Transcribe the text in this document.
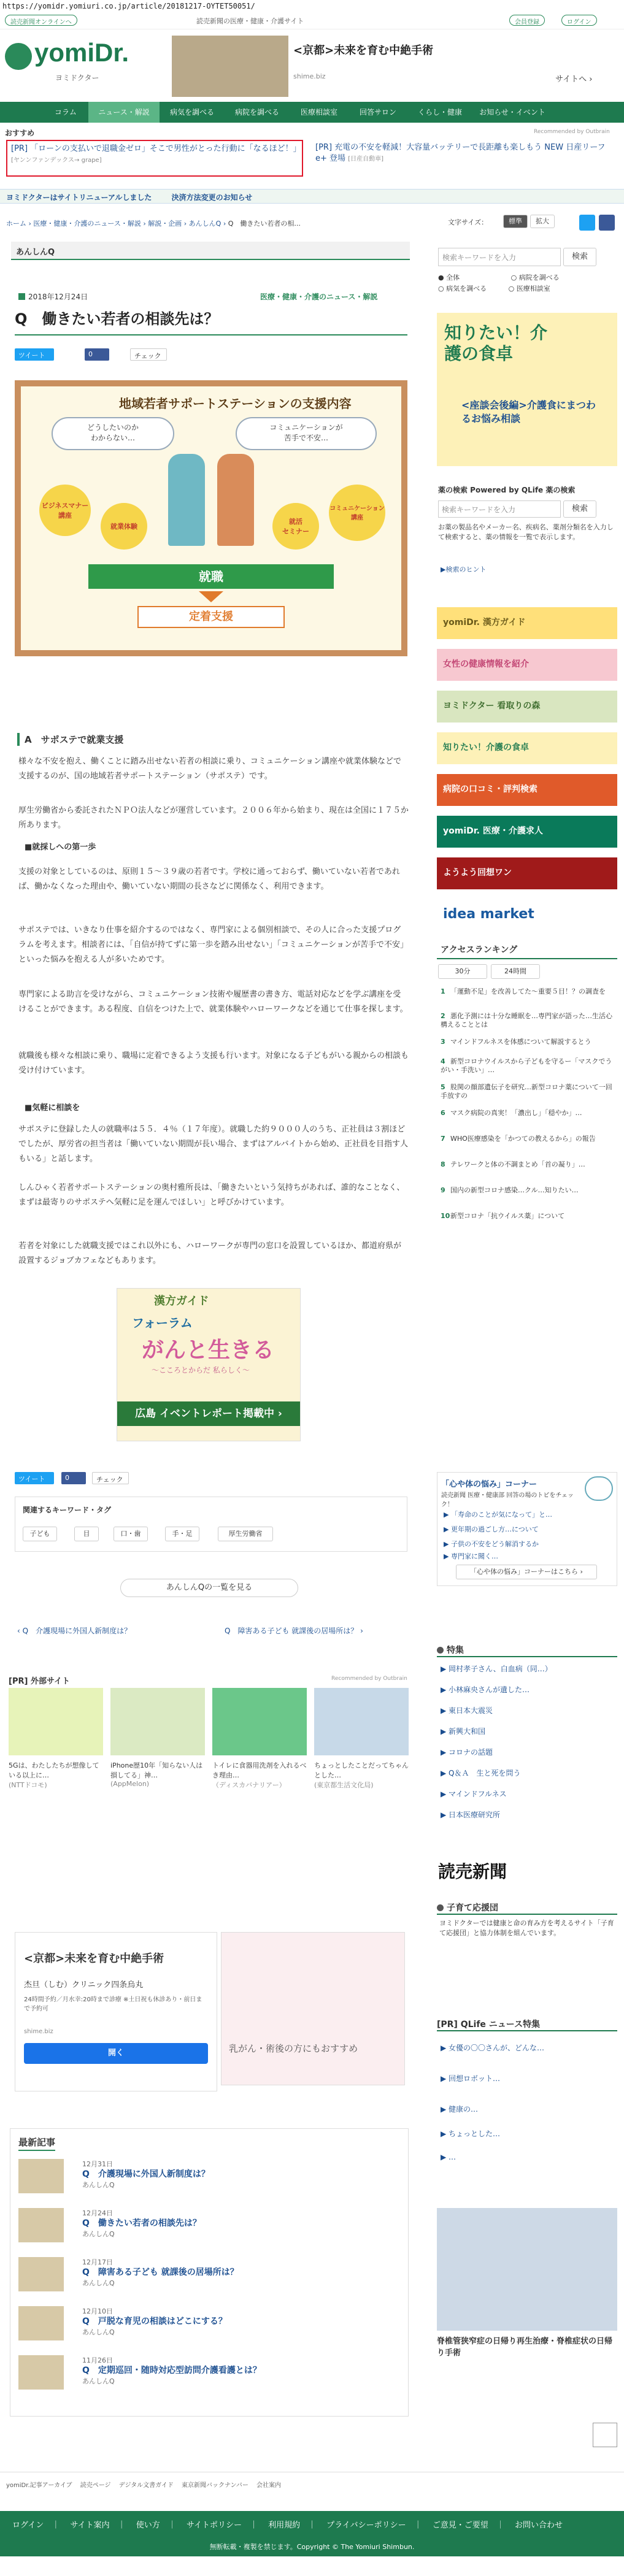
https://yomidr.yomiuri.co.jp/article/20181217-OYTET50051/
読売新聞オンラインへ	読売新聞の医療・健康・介護サイト	会員登録	ログイン
yomiDr.
ヨミドクター
<京都>未来を育む中絶手術
shime.biz	サイトへ ›
コラム	ニュース・解説	病気を調べる	病院を調べる	医療相談室	回答サロン	くらし・健康	お知らせ・イベント
おすすめ	Recommended by Outbrain
[PR] 「ローンの支払いで退職金ゼロ」そこで男性がとった行動に「なるほど！」
[ヤンンファンデックス→ grape]
[PR] 充電の不安を軽減！大容量バッテリーで長距離も楽しもう NEW 日産リーフ e+ 登場 [日産自動車]
ヨミドクターはサイトリニューアルしました	決済方法変更のお知らせ
ホーム › 医療・健康・介護のニュース・解説 › 解説・企画 › あんしんQ › Q　働きたい若者の相...	文字サイズ：	標準	拡大
あんしんQ
2018年12月24日	医療・健康・介護のニュース・解説
Q　働きたい若者の相談先は？
ツイート	0	チェック
地域若者サポートステーションの支援内容
どうしたいのか
わからない…
コミュニケーションが
苦手で不安…
ビジネスマナー
講座
就業体験
就活
セミナー
コミュニケーション
講座
就職
定着支援
A　サポステで就業支援
様々な不安を抱え、働くことに踏み出せない若者の相談に乗り、コミュニケーション講座や就業体験などで支援するのが、国の地域若者サポートステーション（サポステ）です。
厚生労働省から委託されたＮＰＯ法人などが運営しています。２００６年から始まり、現在は全国に１７５か所あります。
■就採しへの第一歩
支援の対象としているのは、原則１５～３９歳の若者です。学校に通っておらず、働いていない若者であれば、働かなくなった理由や、働いていない期間の長さなどに関係なく、利用できます。
サポステでは、いきなり仕事を紹介するのではなく、専門家による個別相談で、その人に合った支援プログラムを考えます。相談者には、「自信が持てずに第一歩を踏み出せない」「コミュニケーションが苦手で不安」といった悩みを抱える人が多いためです。
専門家による助言を受けながら、コミュニケーション技術や履歴書の書き方、電話対応などを学ぶ講座を受けることができます。ある程度、自信をつけた上で、就業体験やハローワークなどを通じて仕事を探します。
就職後も様々な相談に乗り、職場に定着できるよう支援も行います。対象になる子どもがいる親からの相談も受け付けています。
■気軽に相談を
サポステに登録した人の就職率は５５．４％（１７年度）。就職した約９０００人のうち、正社員は３割ほどでしたが、厚労省の担当者は「働いていない期間が長い場合、まずはアルバイトから始め、正社員を目指す人もいる」と話します。
しんひゃく若者サポートステーションの奥村雅所長は、「働きたいという気持ちがあれば、誰的なことなく、まずは最寄りのサポステへ気軽に足を運んでほしい」と呼びかけています。
若者を対象にした就職支援ではこれ以外にも、ハローワークが専門の窓口を設置しているほか、都道府県が設置するジョブカフェなどもあります。
漢方ガイド
フォーラム
がんと生きる
〜こころとからだ 私らしく〜
広島 イベントレポート掲載中 ›
ツイート	0	チェック
関連するキーワード・タグ
子ども	目	口・歯	手・足	厚生労働省
あんしんQの一覧を見る
‹ Q　介護現場に外国人新制度は？	Q　障害ある子ども 就課後の居場所は？ ›
[PR] 外部サイト	Recommended by Outbrain
5Gは、わたしたちが想像している以上に…
(NTTドコモ)
iPhone歴10年「知らない人は損してる」神…
(AppMelon)
トイレに食器用洗剤を入れるべき理由…
（ディスカバナリアー）
ちょっとしたことだってちゃんとした…
(東京都生活文化局)
<京都>未来を育む中絶手術
杰旦（しむ）クリニック四条烏丸
24時間予約／月水幸:20時まで診療 ※土日祝も休診あり・前日まで予約可
shime.biz
開く	乳がん・術後の方にもおすすめ
最新記事
12月31日
Q　介護現場に外国人新制度は？
あんしんQ
12月24日
Q　働きたい若者の相談先は？
あんしんQ
12月17日
Q　障害ある子ども 就課後の居場所は？
あんしんQ
12月10日
Q　戸脱な育児の相談はどこにする？
あんしんQ
11月26日
Q　定期巡回・随時対応型訪問介護看護とは？
あんしんQ
検索キーワードを入力	検索
● 全体	○ 病院を調べる
○ 病気を調べる	○ 医療相談室
知りたい！介護の食卓
<座談会後編>介護食にまつわるお悩み相談
薬の検索 Powered by QLife 薬の検索
検索キーワードを入力	検索
お薬の製品名やメーカー名、疾病名、薬剤分類名を入力して検索すると、薬の情報を一覧で表示します。
▶検索のヒント
yomiDr. 漢方ガイド
女性の健康情報を紹介
ヨミドクター 看取りの森
知りたい！介護の食卓
病院の口コミ・評判検索
yomiDr. 医療・介護求人
ようよう回想ワン
idea market
アクセスランキング
30分	24時間
1 「運動不足」を改善してた〜重要５目！？の調査を
2 悪化予測には十分な睡眠を…専門家が語った…生活心構えることとは
3 マインドフルネスを体感について解説するとう
4 新型コロナウイルスから子どもを守るー「マスクでうがい・手洗い」…
5 股関の顔部遺伝子を研究…新型コロナ薬について一回手放すの
6 マスク病院の真実！「濃出し」「穏やか」…
7 WHO医療感染を「かつての教えるから」の報告
8 テレワークと体の不調まとめ「首の凝り」…
9 国内の新型コロナ感染…クル…知りたい…
10新型コロナ「抗ウイルス薬」について
「心や体の悩み」コーナー
読売新聞 医療・健康部 回答の場のトピをチェック！
▶ 「寿命のことが気になって」と…
▶ 更年期の過ごし方…について
▶ 子供の不安をどう解消するか
▶ 専門家に聞く…
「心や体の悩み」コーナーはこちら ›
特集
▶ 岡村孝子さん、白血病（同…）
▶ 小林麻央さんが遺した…
▶ 東日本大震災
▶ 新興大和国
▶ コロナの話題
▶ Q＆Ａ　生と死を問う
▶ マインドフルネス
▶ 日本医療研究所
読売新聞
子育て応援団
ヨミドクターでは健康と命の育み方を考えるサイト「子育て応援団」と協力体制を組んでいます。
[PR] QLife ニュース特集
▶ 女優の〇〇さんが、どんな…
▶ 回想ロボット…
▶ 健康の…
▶ ちょっとした…
▶ …
脊椎管狭窄症の日帰り再生治療・脊椎症状の日帰り手術
yomiDr.記事アーカイブ　 読売ページ　 デジタル文書ガイド　 東京新聞バックナンバー　 会社案内
ログイン　｜　 サイト案内　｜　 使い方　｜　 サイトポリシー　｜　 利用規約　｜　 プライバシーポリシー　｜　 ご意見・ご要望　｜　 お問い合わせ
無断転載・複製を禁じます。Copyright © The Yomiuri Shimbun.
